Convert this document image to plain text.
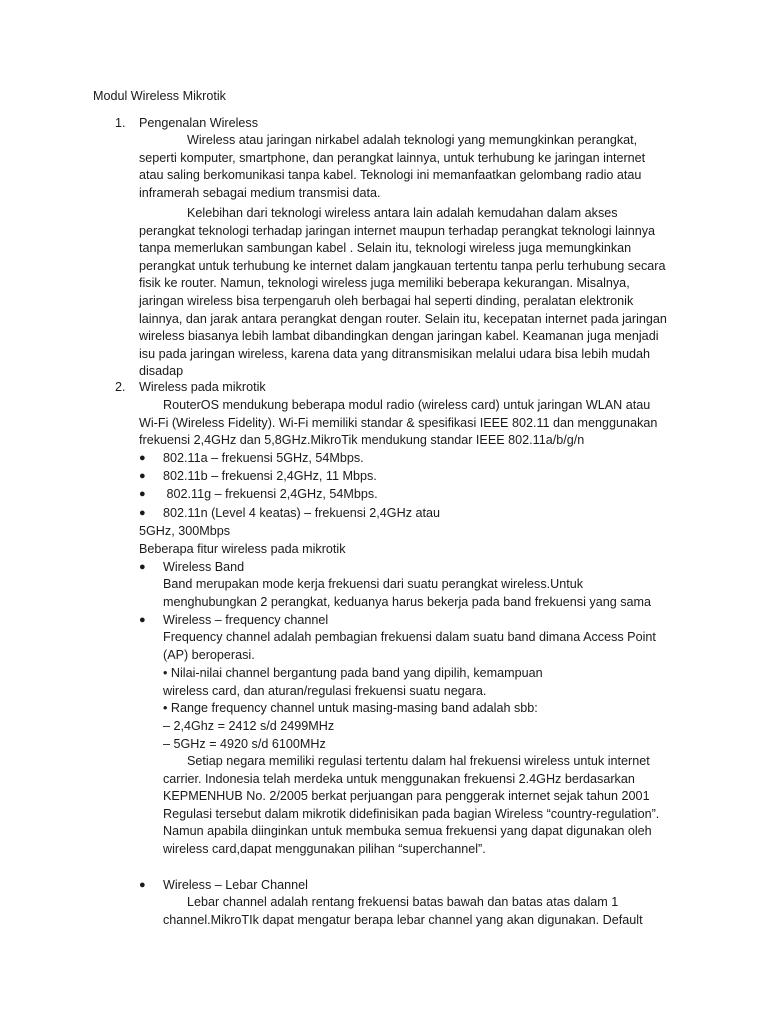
Modul Wireless Mikrotik
1. Pengenalan Wireless
Wireless atau jaringan nirkabel adalah teknologi yang memungkinkan perangkat, seperti komputer, smartphone, dan perangkat lainnya, untuk terhubung ke jaringan internet atau saling berkomunikasi tanpa kabel. Teknologi ini memanfaatkan gelombang radio atau inframerah sebagai medium transmisi data.
Kelebihan dari teknologi wireless antara lain adalah kemudahan dalam akses perangkat teknologi terhadap jaringan internet maupun terhadap perangkat teknologi lainnya tanpa memerlukan sambungan kabel . Selain itu, teknologi wireless juga memungkinkan perangkat untuk terhubung ke internet dalam jangkauan tertentu tanpa perlu terhubung secara fisik ke router. Namun, teknologi wireless juga memiliki beberapa kekurangan. Misalnya, jaringan wireless bisa terpengaruh oleh berbagai hal seperti dinding, peralatan elektronik lainnya, dan jarak antara perangkat dengan router. Selain itu, kecepatan internet pada jaringan wireless biasanya lebih lambat dibandingkan dengan jaringan kabel. Keamanan juga menjadi isu pada jaringan wireless, karena data yang ditransmisikan melalui udara bisa lebih mudah disadap
2. Wireless pada mikrotik
RouterOS mendukung beberapa modul radio (wireless card) untuk jaringan WLAN atau Wi-Fi (Wireless Fidelity). Wi-Fi memiliki standar & spesifikasi IEEE 802.11 dan menggunakan frekuensi 2,4GHz dan 5,8GHz.MikroTik mendukung standar IEEE 802.11a/b/g/n
● 802.11a – frekuensi 5GHz, 54Mbps.
● 802.11b – frekuensi 2,4GHz, 11 Mbps.
● 802.11g – frekuensi 2,4GHz, 54Mbps.
● 802.11n (Level 4 keatas) – frekuensi 2,4GHz atau
5GHz, 300Mbps
Beberapa fitur wireless pada mikrotik
● Wireless Band
Band merupakan mode kerja frekuensi dari suatu perangkat wireless.Untuk menghubungkan 2 perangkat, keduanya harus bekerja pada band frekuensi yang sama
● Wireless – frequency channel
Frequency channel adalah pembagian frekuensi dalam suatu band dimana Access Point (AP) beroperasi.
• Nilai-nilai channel bergantung pada band yang dipilih, kemampuan
wireless card, dan aturan/regulasi frekuensi suatu negara.
• Range frequency channel untuk masing-masing band adalah sbb:
– 2,4Ghz = 2412 s/d 2499MHz
– 5GHz = 4920 s/d 6100MHz
Setiap negara memiliki regulasi tertentu dalam hal frekuensi wireless untuk internet carrier. Indonesia telah merdeka untuk menggunakan frekuensi 2.4GHz berdasarkan KEPMENHUB No. 2/2005 berkat perjuangan para penggerak internet sejak tahun 2001 Regulasi tersebut dalam mikrotik didefinisikan pada bagian Wireless “country-regulation”. Namun apabila diinginkan untuk membuka semua frekuensi yang dapat digunakan oleh wireless card,dapat menggunakan pilihan “superchannel”.
● Wireless – Lebar Channel
Lebar channel adalah rentang frekuensi batas bawah dan batas atas dalam 1 channel.MikroTIk dapat mengatur berapa lebar channel yang akan digunakan. Default
